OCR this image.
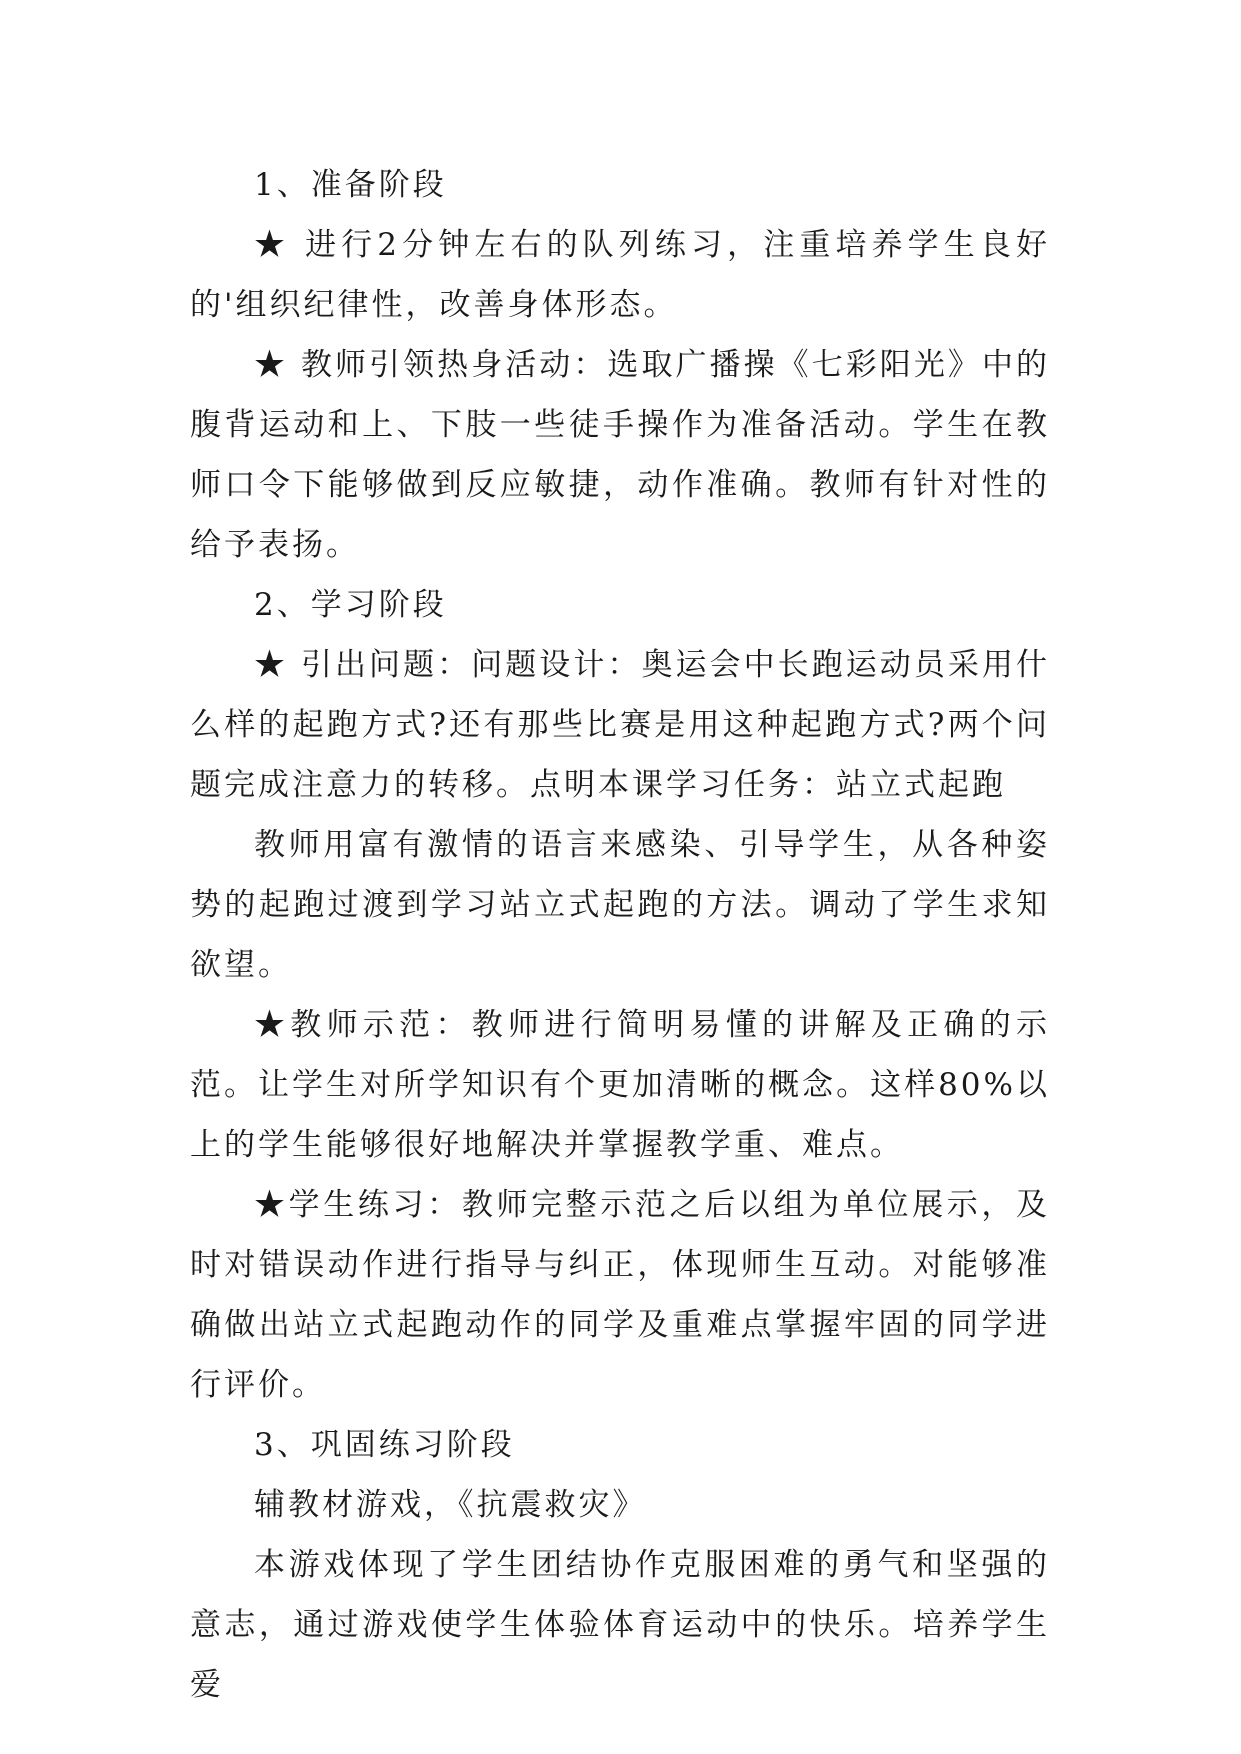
1、准备阶段

★ 进行2分钟左右的队列练习，注重培养学生良好的'组织纪律性，改善身体形态。

★ 教师引领热身活动：选取广播操《七彩阳光》中的腹背运动和上、下肢一些徒手操作为准备活动。学生在教师口令下能够做到反应敏捷，动作准确。教师有针对性的给予表扬。

2、学习阶段

★ 引出问题：问题设计：奥运会中长跑运动员采用什么样的起跑方式?还有那些比赛是用这种起跑方式?两个问题完成注意力的转移。点明本课学习任务：站立式起跑

教师用富有激情的语言来感染、引导学生，从各种姿势的起跑过渡到学习站立式起跑的方法。调动了学生求知欲望。

★教师示范：教师进行简明易懂的讲解及正确的示范。让学生对所学知识有个更加清晰的概念。这样80%以上的学生能够很好地解决并掌握教学重、难点。

★学生练习：教师完整示范之后以组为单位展示，及时对错误动作进行指导与纠正，体现师生互动。对能够准确做出站立式起跑动作的同学及重难点掌握牢固的同学进行评价。

3、巩固练习阶段

辅教材游戏，《抗震救灾》

本游戏体现了学生团结协作克服困难的勇气和坚强的意志，通过游戏使学生体验体育运动中的快乐。培养学生爱
